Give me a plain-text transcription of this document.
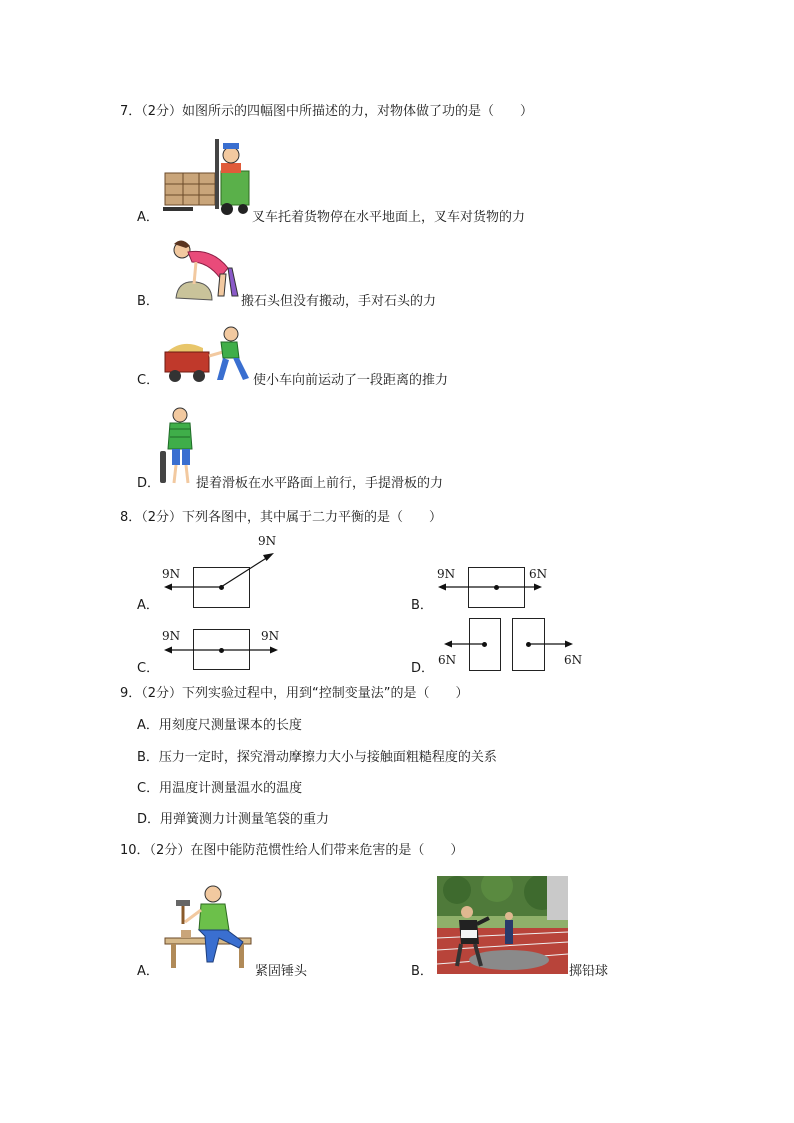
7．（2分）如图所示的四幅图中所描述的力，对物体做了功的是（　　）
A．	叉车托着货物停在水平地面上，叉车对货物的力
B．	搬石头但没有搬动，手对石头的力
C．	使小车向前运动了一段距离的推力
D．	提着滑板在水平路面上前行，手提滑板的力
8．（2分）下列各图中，其中属于二力平衡的是（　　）
A．
9N
9N
B．
9N	6N
C．
9N	9N
D．
6N	6N
9．（2分）下列实验过程中，用到“控制变量法”的是（　　）
A．用刻度尺测量课本的长度
B．压力一定时，探究滑动摩擦力大小与接触面粗糙程度的关系
C．用温度计测量温水的温度
D．用弹簧测力计测量笔袋的重力
10．（2分）在图中能防范惯性给人们带来危害的是（　　）
A．	紧固锤头	B．	掷铅球
